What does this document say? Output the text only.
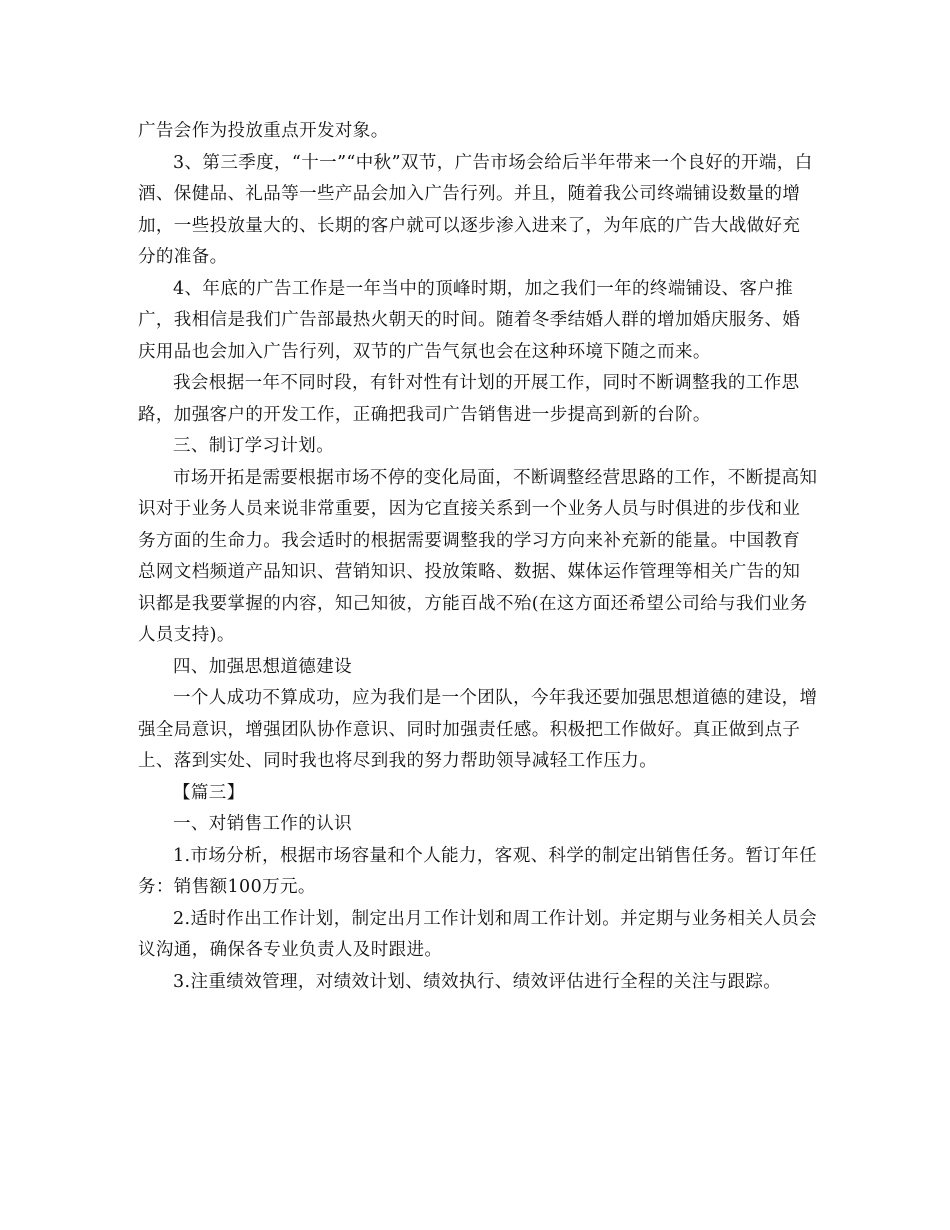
广告会作为投放重点开发对象。

3、第三季度，“十一”“中秋”双节，广告市场会给后半年带来一个良好的开端，白酒、保健品、礼品等一些产品会加入广告行列。并且，随着我公司终端铺设数量的增加，一些投放量大的、长期的客户就可以逐步渗入进来了，为年底的广告大战做好充分的准备。

4、年底的广告工作是一年当中的顶峰时期，加之我们一年的终端铺设、客户推广，我相信是我们广告部最热火朝天的时间。随着冬季结婚人群的增加婚庆服务、婚庆用品也会加入广告行列，双节的广告气氛也会在这种环境下随之而来。

我会根据一年不同时段，有针对性有计划的开展工作，同时不断调整我的工作思路，加强客户的开发工作，正确把我司广告销售进一步提高到新的台阶。

三、制订学习计划。

市场开拓是需要根据市场不停的变化局面，不断调整经营思路的工作，不断提高知识对于业务人员来说非常重要，因为它直接关系到一个业务人员与时俱进的步伐和业务方面的生命力。我会适时的根据需要调整我的学习方向来补充新的能量。中国教育总网文档频道产品知识、营销知识、投放策略、数据、媒体运作管理等相关广告的知识都是我要掌握的内容，知己知彼，方能百战不殆(在这方面还希望公司给与我们业务人员支持)。

四、加强思想道德建设

一个人成功不算成功，应为我们是一个团队，今年我还要加强思想道德的建设，增强全局意识，增强团队协作意识、同时加强责任感。积极把工作做好。真正做到点子上、落到实处、同时我也将尽到我的努力帮助领导减轻工作压力。

【篇三】

一、对销售工作的认识

1.市场分析，根据市场容量和个人能力，客观、科学的制定出销售任务。暂订年任务：销售额100万元。

2.适时作出工作计划，制定出月工作计划和周工作计划。并定期与业务相关人员会议沟通，确保各专业负责人及时跟进。

3.注重绩效管理，对绩效计划、绩效执行、绩效评估进行全程的关注与跟踪。
